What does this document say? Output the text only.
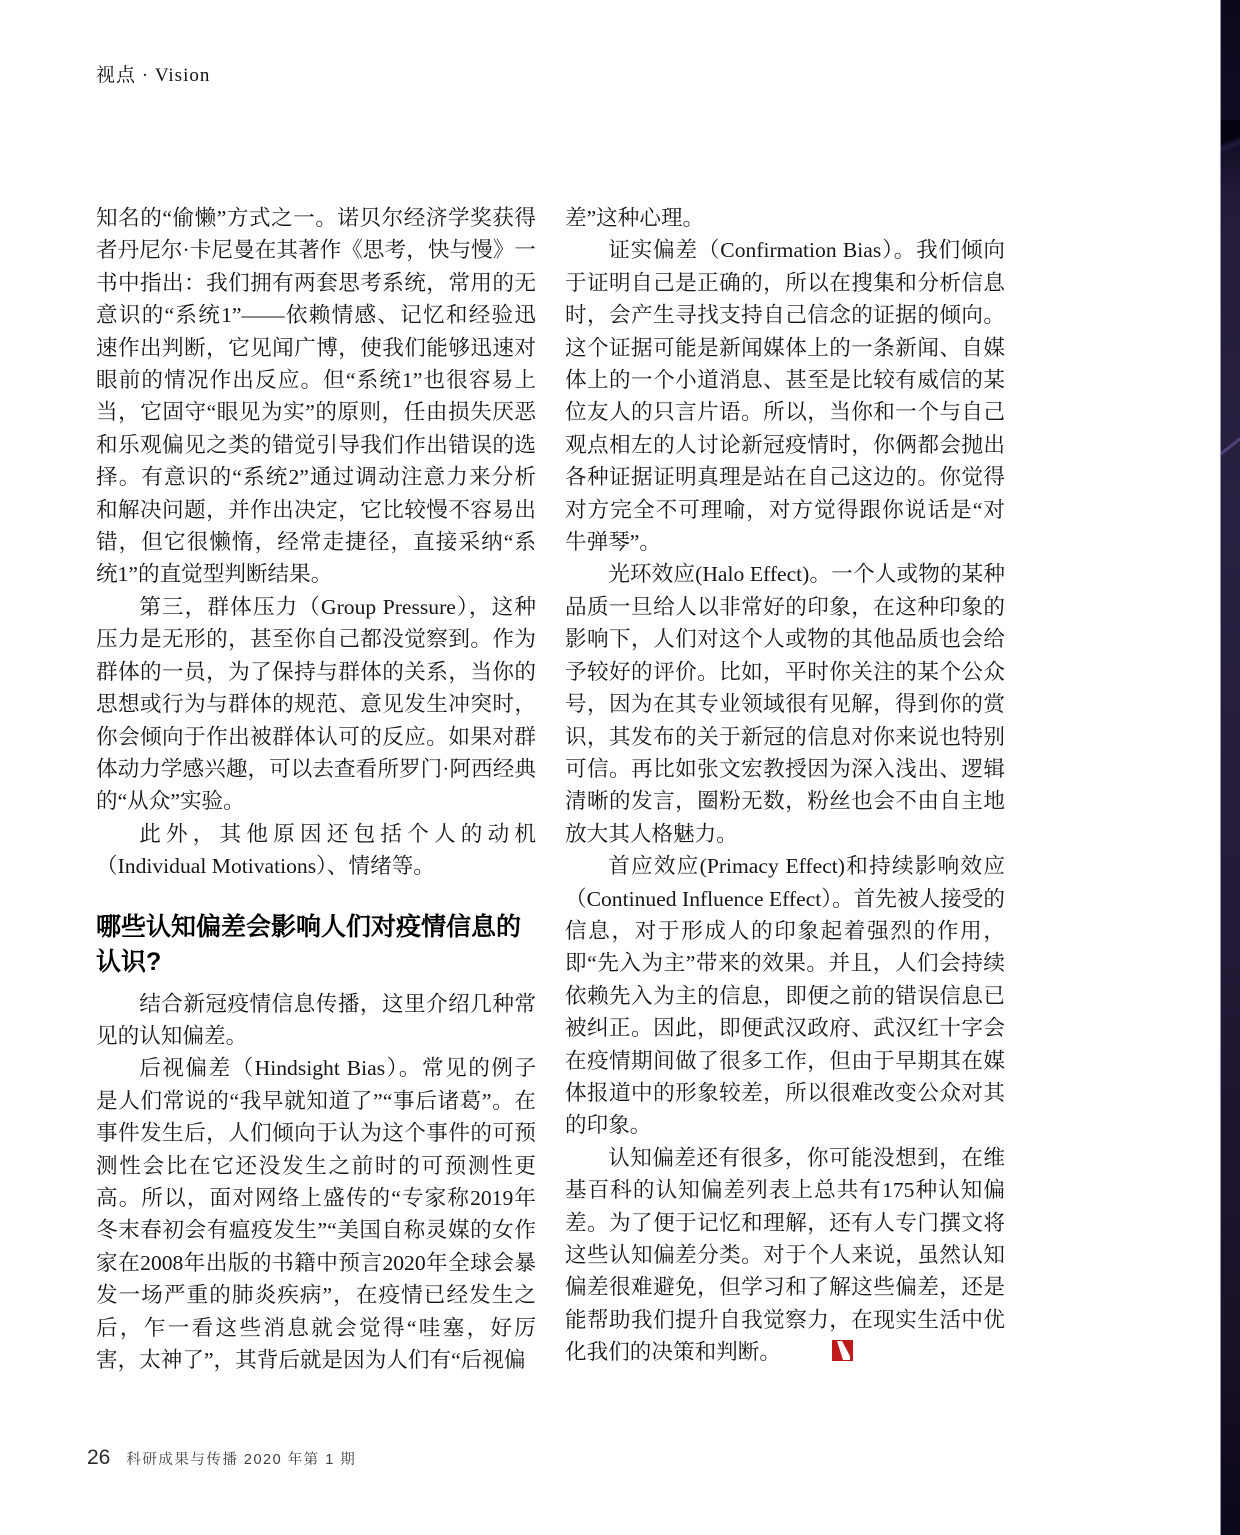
视点 · Vision

知名的“偷懒”方式之一。诺贝尔经济学奖获得者丹尼尔·卡尼曼在其著作《思考，快与慢》一书中指出：我们拥有两套思考系统，常用的无意识的“系统1”——依赖情感、记忆和经验迅速作出判断，它见闻广博，使我们能够迅速对眼前的情况作出反应。但“系统1”也很容易上当，它固守“眼见为实”的原则，任由损失厌恶和乐观偏见之类的错觉引导我们作出错误的选择。有意识的“系统2”通过调动注意力来分析和解决问题，并作出决定，它比较慢不容易出错，但它很懒惰，经常走捷径，直接采纳“系统1”的直觉型判断结果。

第三，群体压力（Group Pressure），这种压力是无形的，甚至你自己都没觉察到。作为群体的一员，为了保持与群体的关系，当你的思想或行为与群体的规范、意见发生冲突时，你会倾向于作出被群体认可的反应。如果对群体动力学感兴趣，可以去查看所罗门·阿西经典的“从众”实验。

此外，其他原因还包括个人的动机（Individual Motivations）、情绪等。

哪些认知偏差会影响人们对疫情信息的认识?

结合新冠疫情信息传播，这里介绍几种常见的认知偏差。

后视偏差（Hindsight Bias）。常见的例子是人们常说的“我早就知道了”“事后诸葛”。在事件发生后，人们倾向于认为这个事件的可预测性会比在它还没发生之前时的可预测性更高。所以，面对网络上盛传的“专家称2019年冬末春初会有瘟疫发生”“美国自称灵媒的女作家在2008年出版的书籍中预言2020年全球会暴发一场严重的肺炎疾病”，在疫情已经发生之后，乍一看这些消息就会觉得“哇塞，好厉害，太神了”，其背后就是因为人们有“后视偏

差”这种心理。

证实偏差（Confirmation Bias）。我们倾向于证明自己是正确的，所以在搜集和分析信息时，会产生寻找支持自己信念的证据的倾向。这个证据可能是新闻媒体上的一条新闻、自媒体上的一个小道消息、甚至是比较有威信的某位友人的只言片语。所以，当你和一个与自己观点相左的人讨论新冠疫情时，你俩都会抛出各种证据证明真理是站在自己这边的。你觉得对方完全不可理喻，对方觉得跟你说话是“对牛弹琴”。

光环效应(Halo Effect)。一个人或物的某种品质一旦给人以非常好的印象，在这种印象的影响下，人们对这个人或物的其他品质也会给予较好的评价。比如，平时你关注的某个公众号，因为在其专业领域很有见解，得到你的赏识，其发布的关于新冠的信息对你来说也特别可信。再比如张文宏教授因为深入浅出、逻辑清晰的发言，圈粉无数，粉丝也会不由自主地放大其人格魅力。

首应效应(Primacy Effect)和持续影响效应（Continued Influence Effect）。首先被人接受的信息，对于形成人的印象起着强烈的作用，即“先入为主”带来的效果。并且，人们会持续依赖先入为主的信息，即便之前的错误信息已被纠正。因此，即便武汉政府、武汉红十字会在疫情期间做了很多工作，但由于早期其在媒体报道中的形象较差，所以很难改变公众对其的印象。

认知偏差还有很多，你可能没想到，在维基百科的认知偏差列表上总共有175种认知偏差。为了便于记忆和理解，还有人专门撰文将这些认知偏差分类。对于个人来说，虽然认知偏差很难避免，但学习和了解这些偏差，还是能帮助我们提升自我觉察力，在现实生活中优化我们的决策和判断。

26 科研成果与传播 2020 年第 1 期
